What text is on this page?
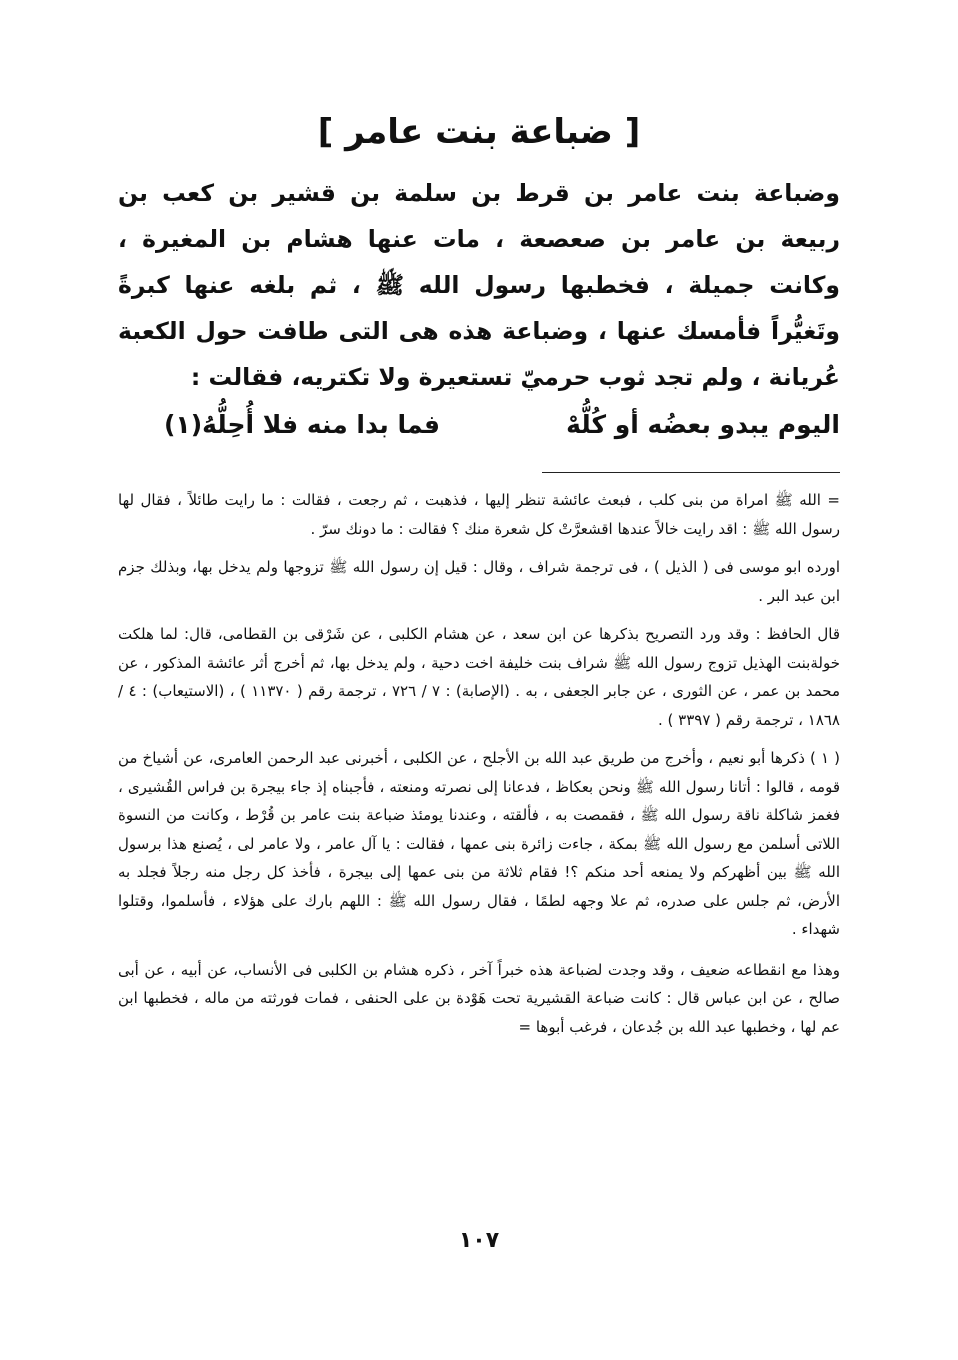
[ ضباعة بنت عامر ]

وضباعة بنت عامر بن قرط بن سلمة بن قشير بن كعب بن ربيعة بن عامر بن صعصعة ، مات عنها هشام بن المغيرة ، وكانت جميلة ، فخطبها رسول الله ﷺ ، ثم بلغه عنها كبرةً وتَغيُّراً فأمسك عنها ، وضباعة هذه هى التى طافت حول الكعبة عُريانة ، ولم تجد ثوب حرميّ تستعيرة ولا تكتريه، فقالت :

اليوم يبدو بعضُه أو كُلُّهْ
فما بدا منه فلا أُحِلُّهُ(١)

= الله ﷺ امراة من بنى كلب ، فبعث عائشة تنظر إليها ، فذهبت ، ثم رجعت ، فقالت : ما رايت طائلاً ، فقال لها رسول الله ﷺ : اقد رايت خالاً عندها اقشعرَّتْ كل شعرة منك ؟ فقالت : ما دونك سرّ .

اورده ابو موسى فى ( الذيل ) ، فى ترجمة شراف ، وقال : قيل إن رسول الله ﷺ تزوجها ولم يدخل بها، وبذلك جزم ابن عبد البر .

قال الحافظ : وقد ورد التصريح بذكرها عن ابن سعد ، عن هشام الكلبى ، عن شَرْقى بن القطامى، قال: لما هلكت خولةبنت الهذيل تزوج رسول الله ﷺ شراف بنت خليفة اخت دحية ، ولم يدخل بها، ثم أخرج أثر عائشة المذكور ، عن محمد بن عمر ، عن الثورى ، عن جابر الجعفى ، به . (الإصابة) : ٧ / ٧٢٦ ، ترجمة رقم ( ١١٣٧٠ ) ، (الاستيعاب) : ٤ / ١٨٦٨ ، ترجمة رقم ( ٣٣٩٧ ) .

( ١ ) ذكرها أبو نعيم ، وأخرج من طريق عبد الله بن الأجلح ، عن الكلبى ، أخبرنى عبد الرحمن العامرى، عن أشياخ من قومه ، قالوا : أتانا رسول الله ﷺ ونحن بعكاظ ، فدعانا إلى نصرته ومنعته ، فأجبناه إذ جاء بيجرة بن فراس القُشيرى ، فغمز شاكلة ناقة رسول الله ﷺ ، فقمصت به ، فألقته ، وعندنا يومئذ ضباعة بنت عامر بن قُرْط ، وكانت من النسوة اللاتى أسلمن مع رسول الله ﷺ بمكة ، جاءت زائرة بنى عمها ، فقالت : يا آل عامر ، ولا عامر لى ، يُصنع هذا برسول الله ﷺ بين أظهركم ولا يمنعه أحد منكم ؟! فقام ثلاثة من بنى عمها إلى بيجرة ، فأخذ كل رجل منه رجلاً فجلد به الأرض، ثم جلس على صدره، ثم علا وجهه لطمًا ، فقال رسول الله ﷺ : اللهم بارك على هؤلاء ، فأسلموا، وقتلوا شهداء .

وهذا مع انقطاعه ضعيف ، وقد وجدت لضباعة هذه خبراً آخر ، ذكره هشام بن الكلبى فى الأنساب، عن أبيه ، عن أبى صالح ، عن ابن عباس قال : كانت ضباعة القشيرية تحت هَوْدة بن على الحنفى ، فمات فورثته من ماله ، فخطبها ابن عم لها ، وخطبها عبد الله بن جُدعان ، فرغب أبوها =

١٠٧
